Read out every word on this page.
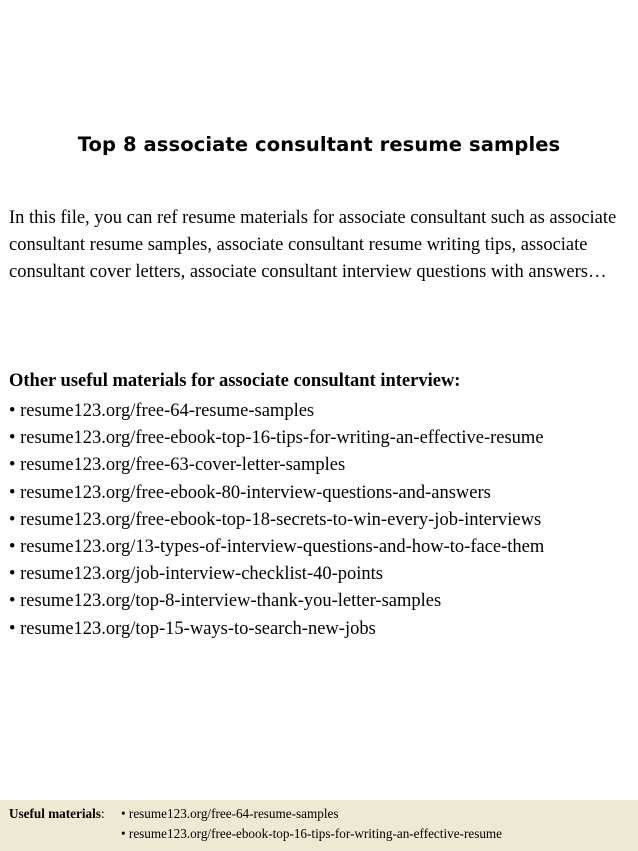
Top 8 associate consultant resume samples

In this file, you can ref resume materials for associate consultant such as associate consultant resume samples, associate consultant resume writing tips, associate consultant cover letters, associate consultant interview questions with answers…

Other useful materials for associate consultant interview:

• resume123.org/free-64-resume-samples
• resume123.org/free-ebook-top-16-tips-for-writing-an-effective-resume
• resume123.org/free-63-cover-letter-samples
• resume123.org/free-ebook-80-interview-questions-and-answers
• resume123.org/free-ebook-top-18-secrets-to-win-every-job-interviews
• resume123.org/13-types-of-interview-questions-and-how-to-face-them
• resume123.org/job-interview-checklist-40-points
• resume123.org/top-8-interview-thank-you-letter-samples
• resume123.org/top-15-ways-to-search-new-jobs
Useful materials: • resume123.org/free-64-resume-samples
• resume123.org/free-ebook-top-16-tips-for-writing-an-effective-resume
